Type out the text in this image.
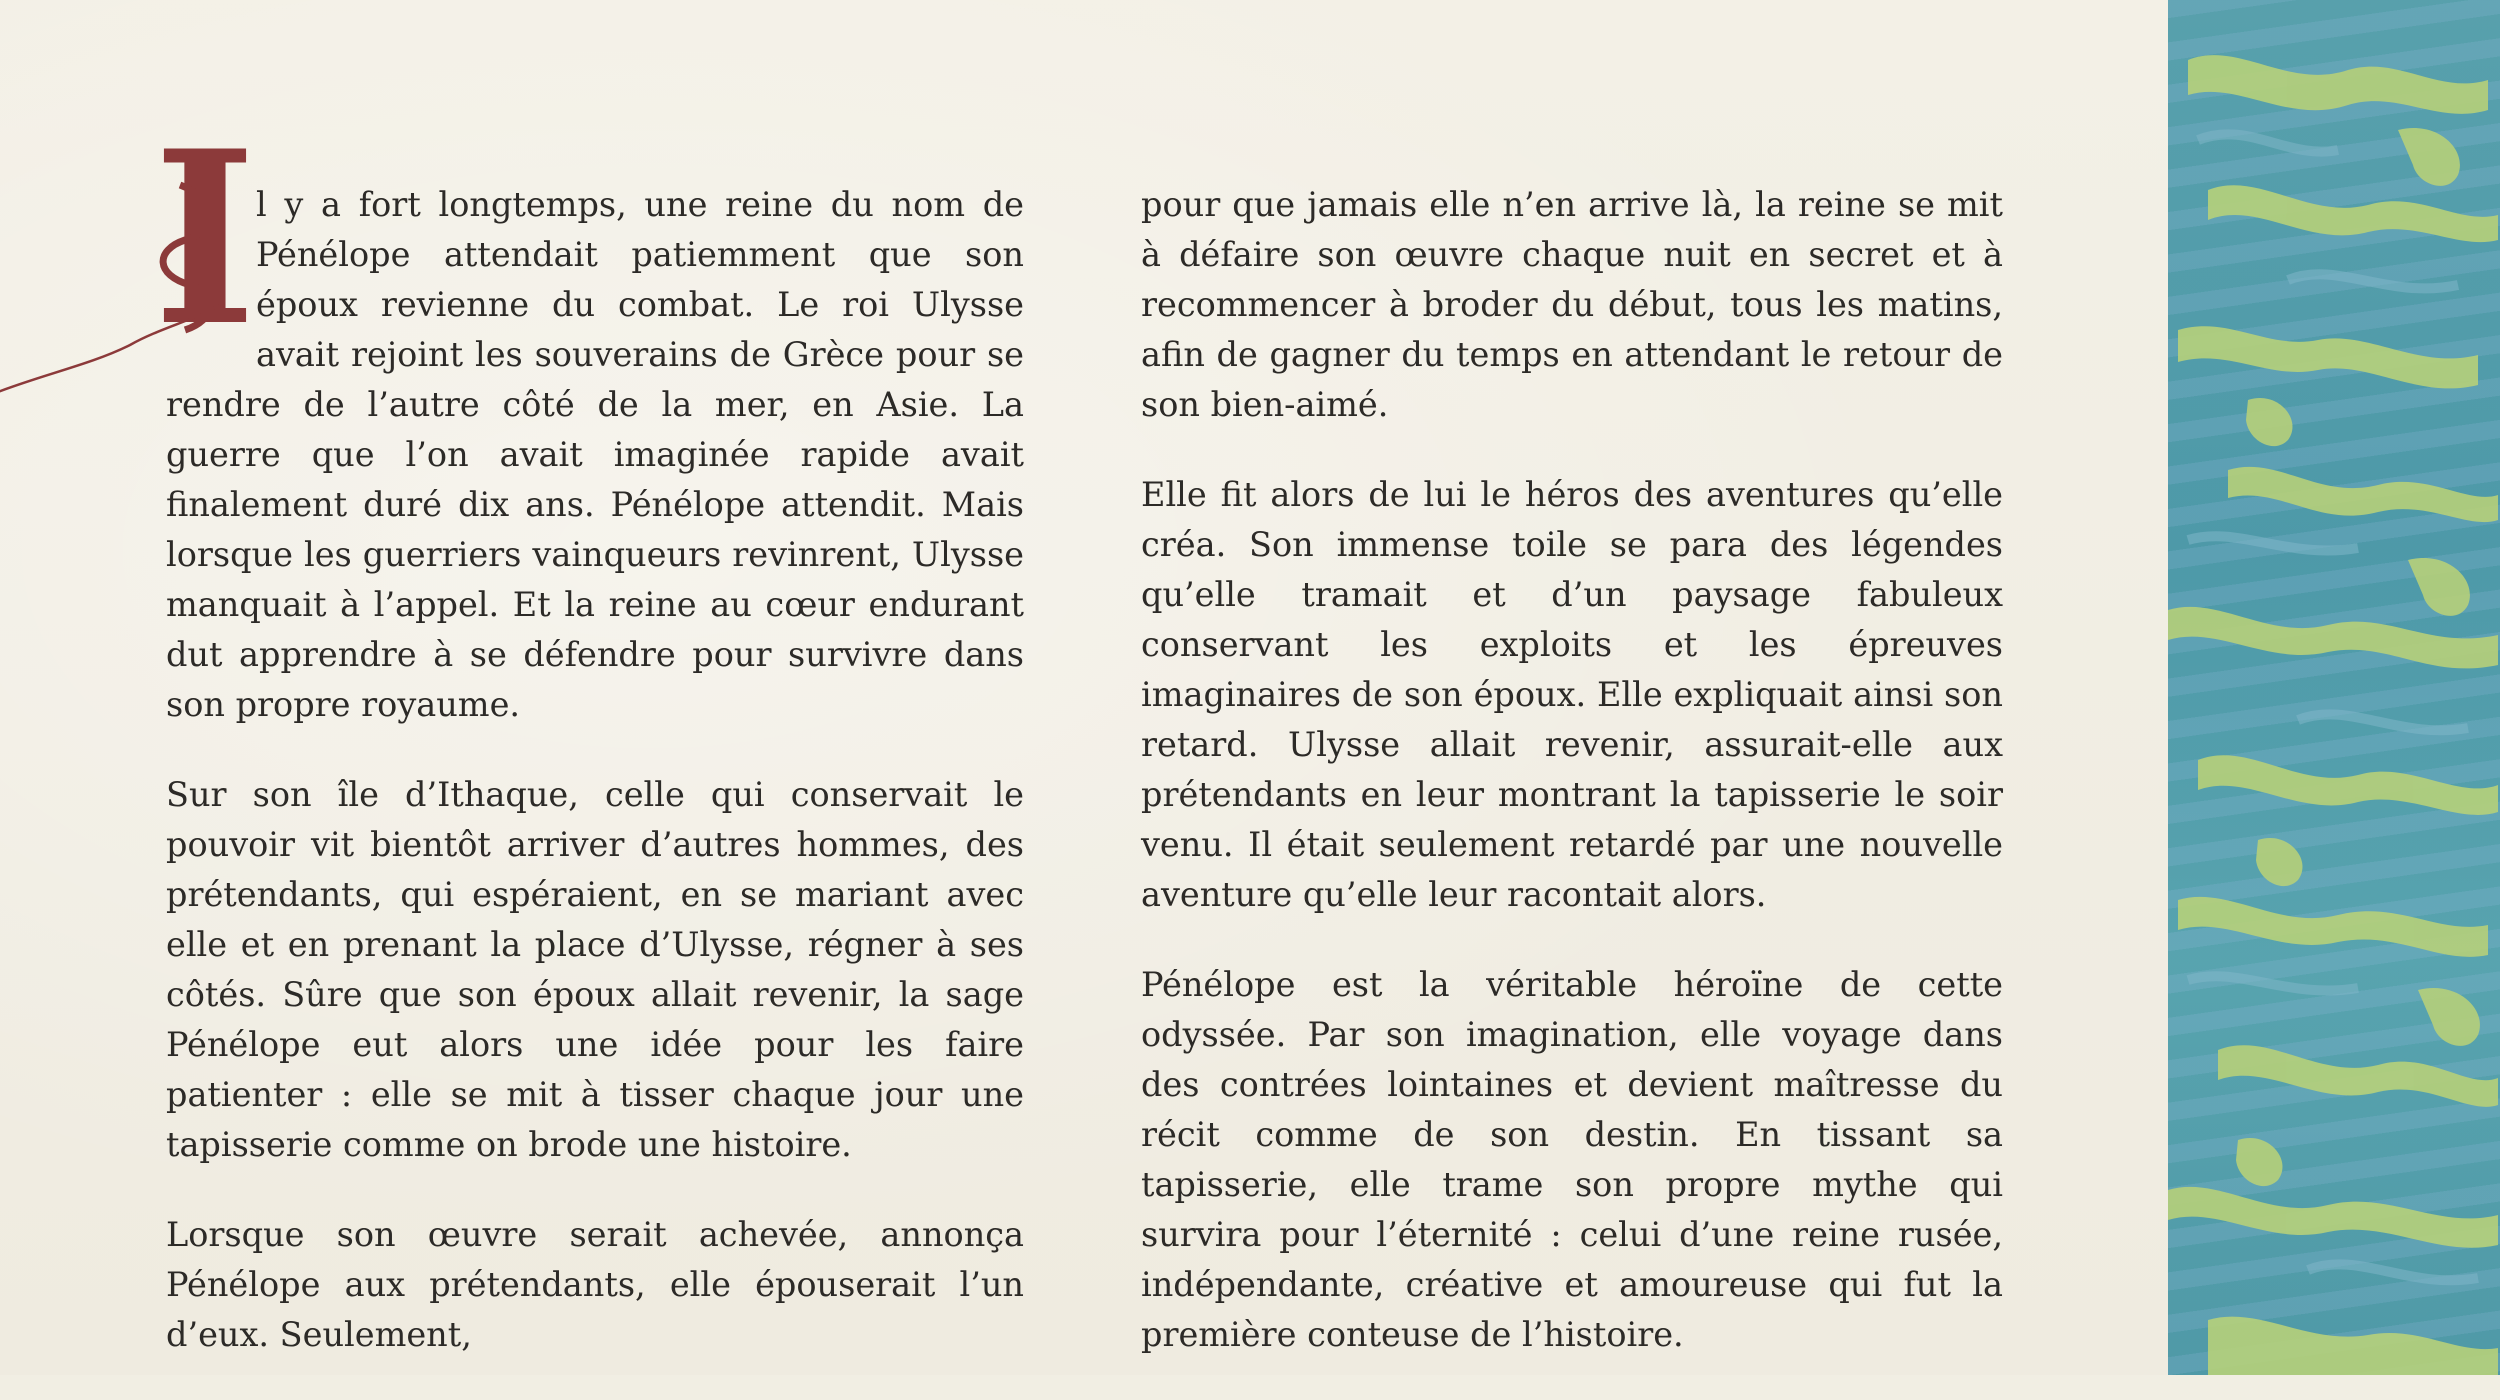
I l y a fort longtemps, une reine du nom de Pénélope attendait patiemment que son époux revienne du combat. Le roi Ulysse avait rejoint les souverains de Grèce pour se rendre de l’autre côté de la mer, en Asie. La guerre que l’on avait imaginée rapide avait finalement duré dix ans. Pénélope attendit. Mais lorsque les guerriers vainqueurs revinrent, Ulysse manquait à l’appel. Et la reine au cœur endurant dut apprendre à se défendre pour survivre dans son propre royaume.

Sur son île d’Ithaque, celle qui conservait le pouvoir vit bientôt arriver d’autres hommes, des prétendants, qui espéraient, en se mariant avec elle et en prenant la place d’Ulysse, régner à ses côtés. Sûre que son époux allait revenir, la sage Pénélope eut alors une idée pour les faire patienter : elle se mit à tisser chaque jour une tapisserie comme on brode une histoire.

Lorsque son œuvre serait achevée, annonça Pénélope aux prétendants, elle épouserait l’un d’eux. Seulement,

pour que jamais elle n’en arrive là, la reine se mit à défaire son œuvre chaque nuit en secret et à recommencer à broder du début, tous les matins, afin de gagner du temps en attendant le retour de son bien-aimé.

Elle fit alors de lui le héros des aventures qu’elle créa. Son immense toile se para des légendes qu’elle tramait et d’un paysage fabuleux conservant les exploits et les épreuves imaginaires de son époux. Elle expliquait ainsi son retard. Ulysse allait revenir, assurait-elle aux prétendants en leur montrant la tapisserie le soir venu. Il était seulement retardé par une nouvelle aventure qu’elle leur racontait alors.

Pénélope est la véritable héroïne de cette odyssée. Par son imagination, elle voyage dans des contrées lointaines et devient maîtresse du récit comme de son destin. En tissant sa tapisserie, elle trame son propre mythe qui survira pour l’éternité : celui d’une reine rusée, indépendante, créative et amoureuse qui fut la première conteuse de l’histoire.
